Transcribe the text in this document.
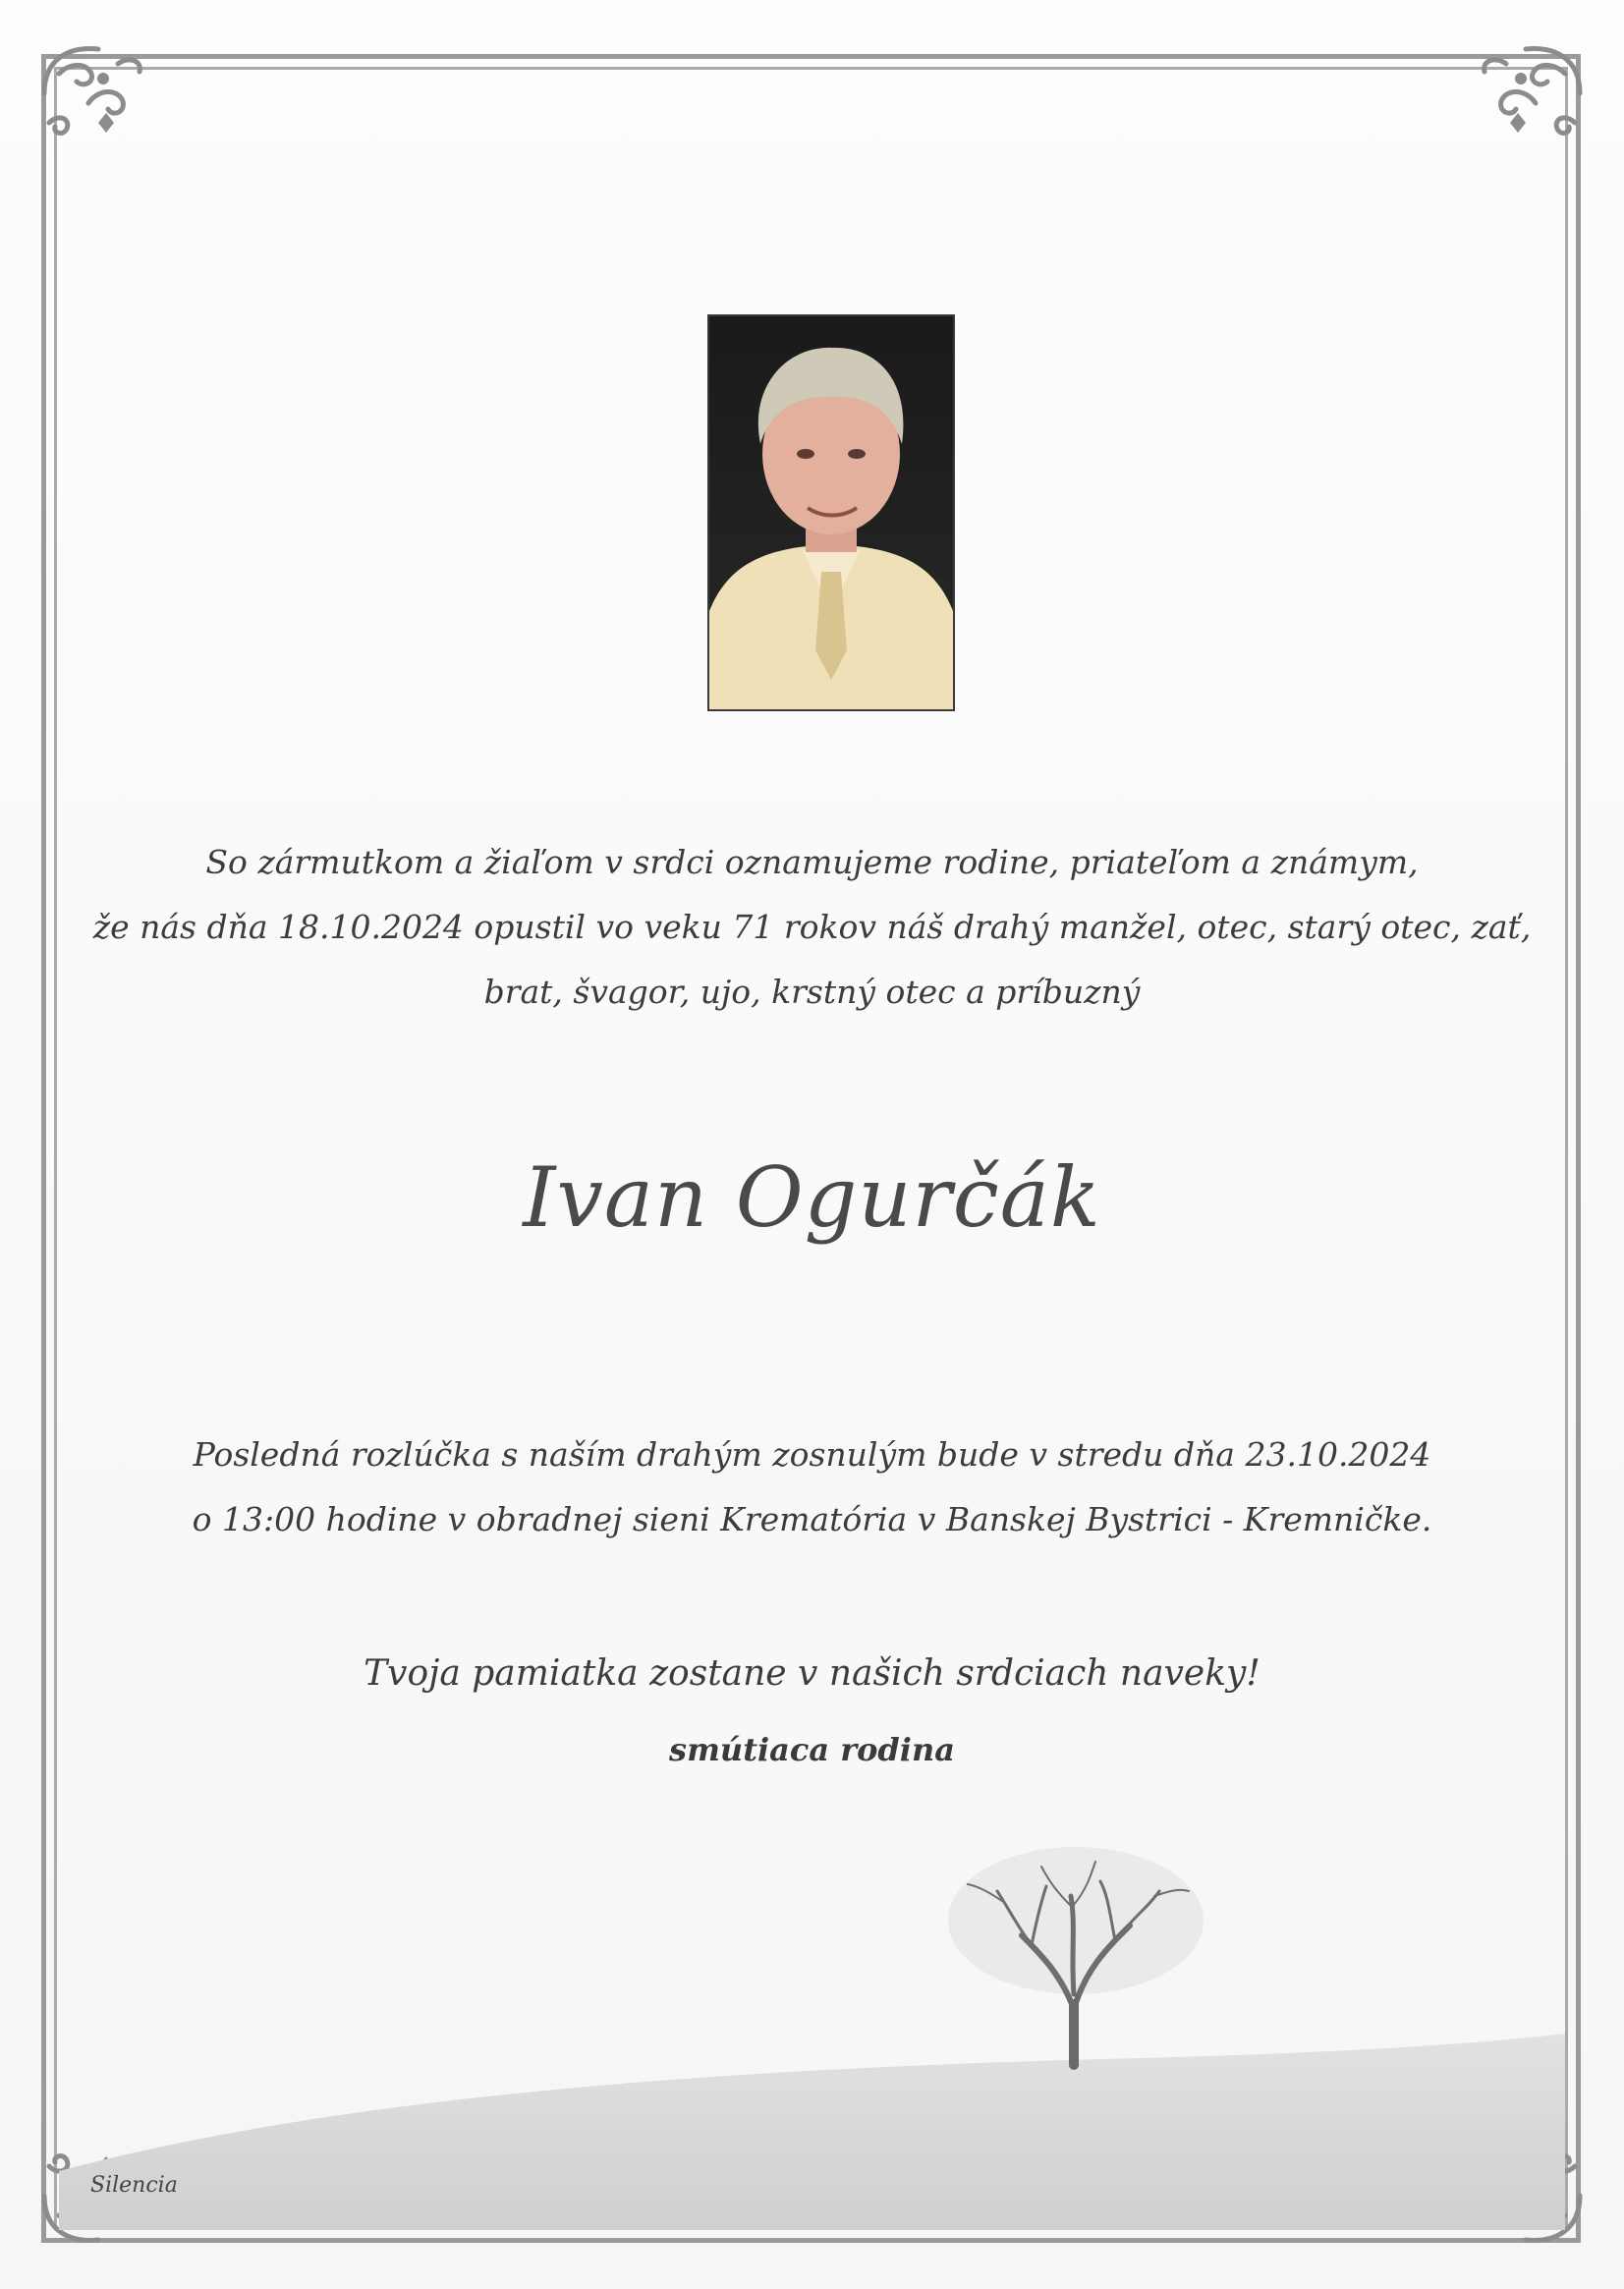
So zármutkom a žiaľom v srdci oznamujeme rodine, priateľom a známym,
že nás dňa 18.10.2024 opustil vo veku 71 rokov náš drahý manžel, otec, starý otec, zať,
brat, švagor, ujo, krstný otec a príbuzný
Ivan Ogurčák
Posledná rozlúčka s naším drahým zosnulým bude v stredu dňa 23.10.2024
o 13:00 hodine v obradnej sieni Krematória v Banskej Bystrici - Kremničke.
Tvoja pamiatka zostane v našich srdciach naveky!
smútiaca rodina
Silencia
